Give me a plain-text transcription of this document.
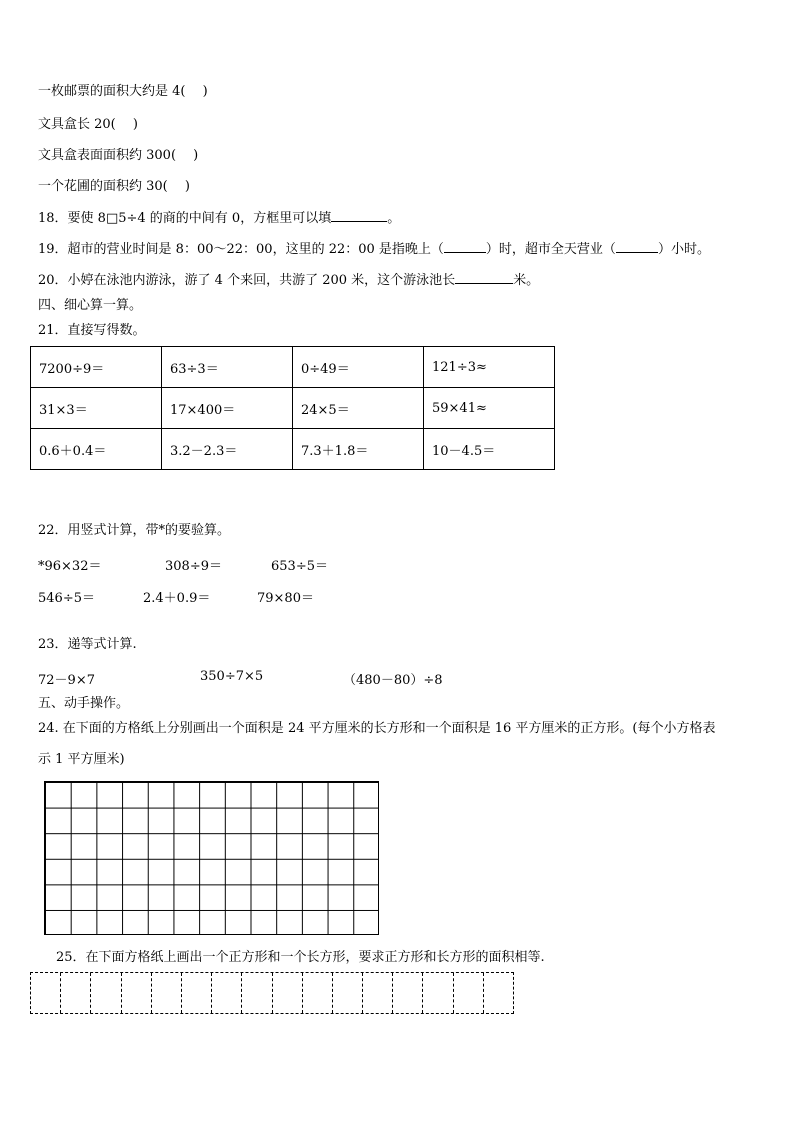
一枚邮票的面积大约是 4(　 )
文具盒长 20(　 )
文具盒表面面积约 300(　 )
一个花圃的面积约 30(　 )
18．要使 8□5÷4 的商的中间有 0，方框里可以填	。
19．超市的营业时间是 8：00～22：00，这里的 22：00 是指晚上（	）时，超市全天营业（	）小时。
20．小婷在泳池内游泳，游了 4 个来回，共游了 200 米，这个游泳池长	米。
四、细心算一算。
21．直接写得数。
7200÷9＝	63÷3＝	0÷49＝	121÷3≈
31×3＝	17×400＝	24×5＝	59×41≈
0.6＋0.4＝	3.2－2.3＝	7.3＋1.8＝	10－4.5＝
22．用竖式计算，带*的要验算。
*96×32＝	308÷9＝	653÷5＝
546÷5＝	2.4＋0.9＝	79×80＝
23．递等式计算.
72－9×7	350÷7×5	（480－80）÷8
五、动手操作。
24. 在下面的方格纸上分别画出一个面积是 24 平方厘米的长方形和一个面积是 16 平方厘米的正方形。(每个小方格表
示 1 平方厘米)
25．在下面方格纸上画出一个正方形和一个长方形，要求正方形和长方形的面积相等.
